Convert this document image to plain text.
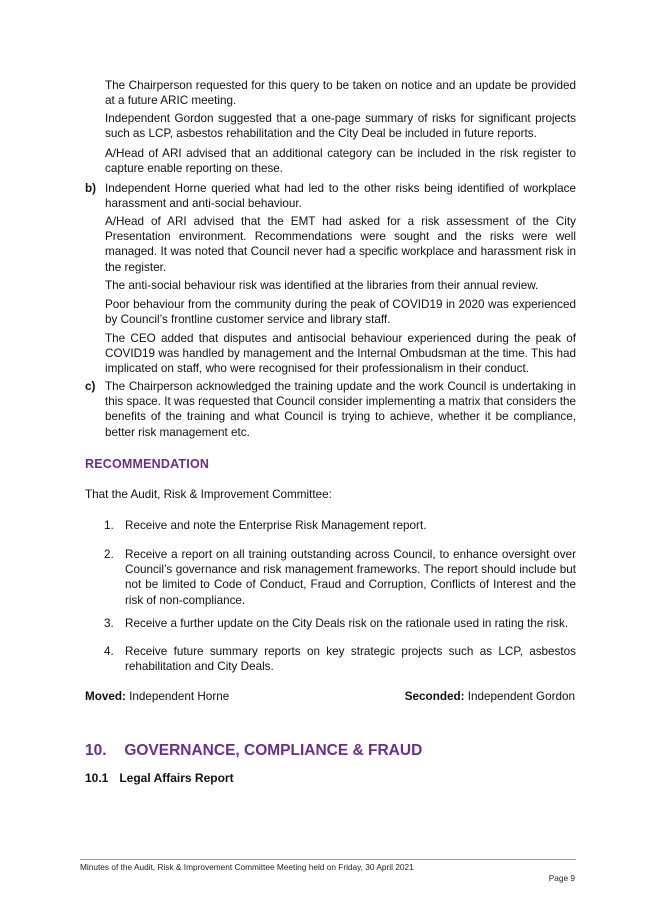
The Chairperson requested for this query to be taken on notice and an update be provided at a future ARIC meeting.
Independent Gordon suggested that a one-page summary of risks for significant projects such as LCP, asbestos rehabilitation and the City Deal be included in future reports.
A/Head of ARI advised that an additional category can be included in the risk register to capture enable reporting on these.
b) Independent Horne queried what had led to the other risks being identified of workplace harassment and anti-social behaviour.
A/Head of ARI advised that the EMT had asked for a risk assessment of the City Presentation environment. Recommendations were sought and the risks were well managed. It was noted that Council never had a specific workplace and harassment risk in the register.
The anti-social behaviour risk was identified at the libraries from their annual review.
Poor behaviour from the community during the peak of COVID19 in 2020 was experienced by Council’s frontline customer service and library staff.
The CEO added that disputes and antisocial behaviour experienced during the peak of COVID19 was handled by management and the Internal Ombudsman at the time. This had implicated on staff, who were recognised for their professionalism in their conduct.
c) The Chairperson acknowledged the training update and the work Council is undertaking in this space. It was requested that Council consider implementing a matrix that considers the benefits of the training and what Council is trying to achieve, whether it be compliance, better risk management etc.
RECOMMENDATION
That the Audit, Risk & Improvement Committee:
1. Receive and note the Enterprise Risk Management report.
2. Receive a report on all training outstanding across Council, to enhance oversight over Council’s governance and risk management frameworks. The report should include but not be limited to Code of Conduct, Fraud and Corruption, Conflicts of Interest and the risk of non-compliance.
3. Receive a further update on the City Deals risk on the rationale used in rating the risk.
4. Receive future summary reports on key strategic projects such as LCP, asbestos rehabilitation and City Deals.
Moved: Independent Horne	Seconded: Independent Gordon
10. GOVERNANCE, COMPLIANCE & FRAUD
10.1 Legal Affairs Report
Minutes of the Audit, Risk & Improvement Committee Meeting held on Friday, 30 April 2021
Page 9
